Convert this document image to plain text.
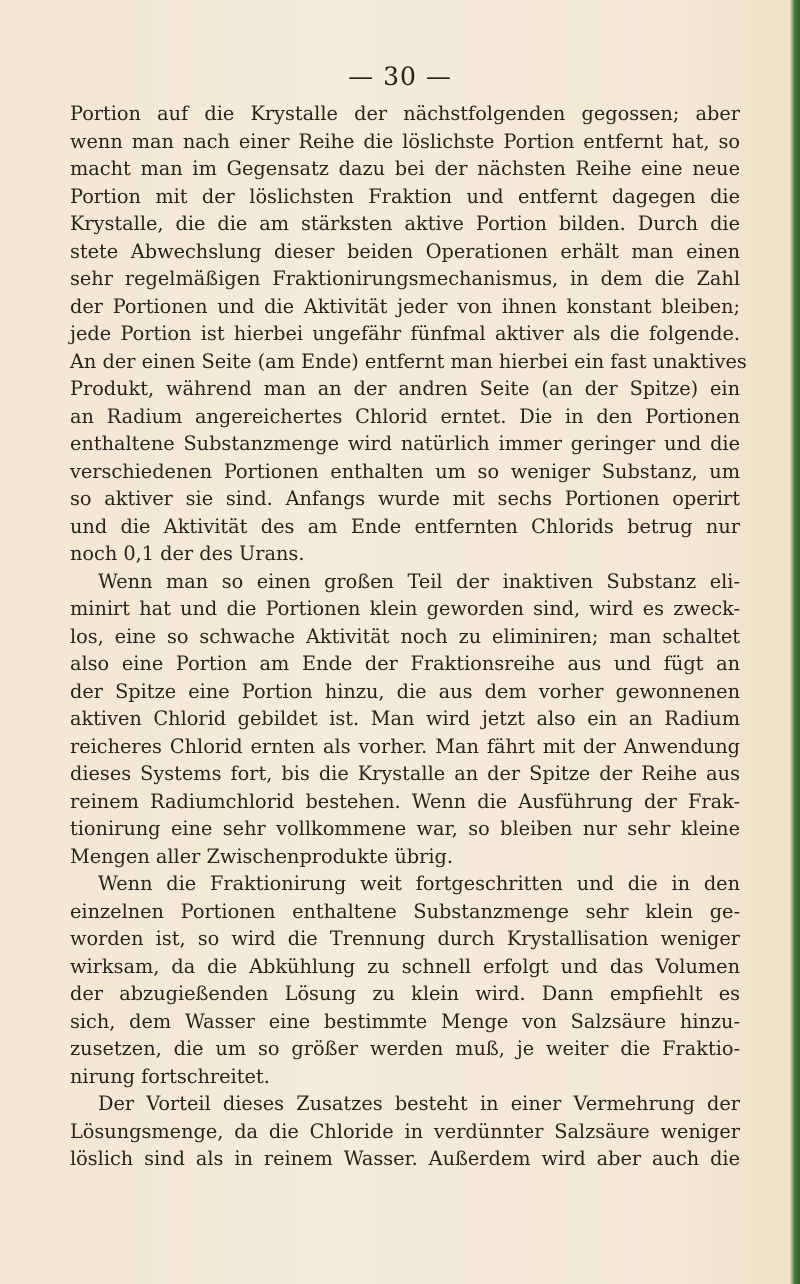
— 30 —
Portion auf die Krystalle der nächstfolgenden gegossen; aber
wenn man nach einer Reihe die löslichste Portion entfernt hat, so
macht man im Gegensatz dazu bei der nächsten Reihe eine neue
Portion mit der löslichsten Fraktion und entfernt dagegen die
Krystalle, die die am stärksten aktive Portion bilden. Durch die
stete Abwechslung dieser beiden Operationen erhält man einen
sehr regelmäßigen Fraktionirungsmechanismus, in dem die Zahl
der Portionen und die Aktivität jeder von ihnen konstant bleiben;
jede Portion ist hierbei ungefähr fünfmal aktiver als die folgende.
An der einen Seite (am Ende) entfernt man hierbei ein fast unaktives
Produkt, während man an der andren Seite (an der Spitze) ein
an Radium angereichertes Chlorid erntet. Die in den Portionen
enthaltene Substanzmenge wird natürlich immer geringer und die
verschiedenen Portionen enthalten um so weniger Substanz, um
so aktiver sie sind. Anfangs wurde mit sechs Portionen operirt
und die Aktivität des am Ende entfernten Chlorids betrug nur
noch 0,1 der des Urans.
Wenn man so einen großen Teil der inaktiven Substanz eli-
minirt hat und die Portionen klein geworden sind, wird es zweck-
los, eine so schwache Aktivität noch zu eliminiren; man schaltet
also eine Portion am Ende der Fraktionsreihe aus und fügt an
der Spitze eine Portion hinzu, die aus dem vorher gewonnenen
aktiven Chlorid gebildet ist. Man wird jetzt also ein an Radium
reicheres Chlorid ernten als vorher. Man fährt mit der Anwendung
dieses Systems fort, bis die Krystalle an der Spitze der Reihe aus
reinem Radiumchlorid bestehen. Wenn die Ausführung der Frak-
tionirung eine sehr vollkommene war, so bleiben nur sehr kleine
Mengen aller Zwischenprodukte übrig.
Wenn die Fraktionirung weit fortgeschritten und die in den
einzelnen Portionen enthaltene Substanzmenge sehr klein ge-
worden ist, so wird die Trennung durch Krystallisation weniger
wirksam, da die Abkühlung zu schnell erfolgt und das Volumen
der abzugießenden Lösung zu klein wird. Dann empfiehlt es
sich, dem Wasser eine bestimmte Menge von Salzsäure hinzu-
zusetzen, die um so größer werden muß, je weiter die Fraktio-
nirung fortschreitet.
Der Vorteil dieses Zusatzes besteht in einer Vermehrung der
Lösungsmenge, da die Chloride in verdünnter Salzsäure weniger
löslich sind als in reinem Wasser. Außerdem wird aber auch die
